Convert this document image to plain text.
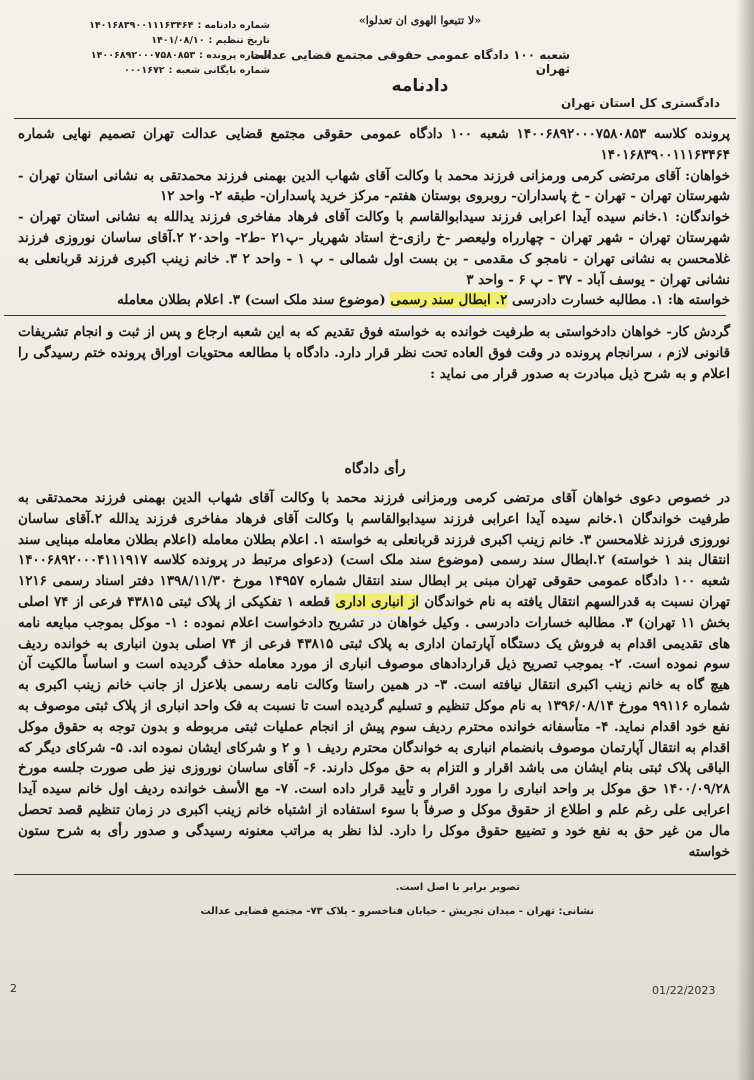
«لا تتبعوا الهوی ان تعدلوا»
شماره دادنامه :۱۴۰۱۶۸۳۹۰۰۱۱۱۶۳۴۶۴
تاریخ تنظیم :۱۴۰۱/۰۸/۱۰
شماره پرونده :۱۴۰۰۶۸۹۲۰۰۰۷۵۸۰۸۵۳
شماره بایگانی شعبه :۰۰۰۱۶۷۲
شعبه ۱۰۰ دادگاه عمومی حقوقی مجتمع قضایی عدالت تهران
دادنامه
دادگستری کل استان تهران

پرونده کلاسه ۱۴۰۰۶۸۹۲۰۰۰۷۵۸۰۸۵۳ شعبه ۱۰۰ دادگاه عمومی حقوقی مجتمع قضایی عدالت تهران تصمیم نهایی شماره ۱۴۰۱۶۸۳۹۰۰۱۱۱۶۳۴۶۴

خواهان: آقای مرتضی کرمی ورمزانی فرزند محمد با وکالت آقای شهاب الدین بهمنی فرزند محمدتقی به نشانی استان تهران - شهرستان تهران - تهران - خ پاسداران- روبروی بوستان هفتم- مرکز خرید پاسداران- طبقه ۲- واحد ۱۲

خواندگان: ۱.خانم سیده آیدا اعرابی فرزند سیدابوالقاسم با وکالت آقای فرهاد مفاخری فرزند یدالله به نشانی استان تهران - شهرستان تهران - شهر تهران - چهارراه ولیعصر -خ رازی-خ استاد شهریار -پ۲۱ -ط۲- واحد۲۰ ۲.آقای ساسان نوروزی فرزند غلامحسن به نشانی تهران - نامجو ک مقدمی - بن بست اول شمالی - پ ۱ - واحد ۲ ۳. خانم زینب اکبری فرزند قربانعلی به نشانی تهران - یوسف آباد - ۳۷ - پ ۶ - واحد ۳

خواسته ها: ۱. مطالبه خسارت دادرسی ۲. ابطال سند رسمی (موضوع سند ملک است) ۳. اعلام بطلان معامله

گردش کار- خواهان دادخواستی به طرفیت خوانده به خواسته فوق تقدیم که به این شعبه ارجاع و پس از ثبت و انجام تشریفات قانونی لازم ، سرانجام پرونده در وقت فوق العاده تحت نظر قرار دارد. دادگاه با مطالعه محتویات اوراق پرونده ختم رسیدگی را اعلام و به شرح ذیل مبادرت به صدور قرار می نماید :

رأی دادگاه

در خصوص دعوی خواهان آقای مرتضی کرمی ورمزانی فرزند محمد با وکالت آقای شهاب الدین بهمنی فرزند محمدتقی به طرفیت خواندگان ۱.خانم سیده آیدا اعرابی فرزند سیدابوالقاسم با وکالت آقای فرهاد مفاخری فرزند یدالله ۲.آقای ساسان نوروزی فرزند غلامحسن ۳. خانم زینب اکبری فرزند قربانعلی به خواسته ۱. اعلام بطلان معامله (اعلام بطلان معامله مبنایی سند انتقال بند ۱ خواسته) ۲.ابطال سند رسمی (موضوع سند ملک است) (دعوای مرتبط در پرونده کلاسه ۱۴۰۰۶۸۹۲۰۰۰۴۱۱۱۹۱۷ شعبه ۱۰۰ دادگاه عمومی حقوقی تهران مبنی بر ابطال سند انتقال شماره ۱۴۹۵۷ مورخ ۱۳۹۸/۱۱/۳۰ دفتر اسناد رسمی ۱۲۱۶ تهران نسبت به قدرالسهم انتقال یافته به نام خواندگان از انباری اداری قطعه ۱ تفکیکی از پلاک ثبتی ۴۳۸۱۵ فرعی از ۷۴ اصلی بخش ۱۱ تهران) ۳. مطالبه خسارات دادرسی . وکیل خواهان در تشریح دادخواست اعلام نموده : ۱- موکل بموجب مبایعه نامه های تقدیمی اقدام به فروش یک دستگاه آپارتمان اداری به پلاک ثبتی ۴۳۸۱۵ فرعی از ۷۴ اصلی بدون انباری به خوانده ردیف سوم نموده است. ۲- بموجب تصریح ذیل قراردادهای موصوف انباری از مورد معامله حذف گردیده است و اساساً مالکیت آن هیچ گاه به خانم زینب اکبری انتقال نیافته است. ۳- در همین راستا وکالت نامه رسمی بلاعزل از جانب خانم زینب اکبری به شماره ۹۹۱۱۶ مورخ ۱۳۹۶/۰۸/۱۴ به نام موکل تنظیم و تسلیم گردیده است تا نسبت به فک واحد انباری از پلاک ثبتی موصوف به نفع خود اقدام نماید. ۴- متأسفانه خوانده محترم ردیف سوم پیش از انجام عملیات ثبتی مربوطه و بدون توجه به حقوق موکل اقدام به انتقال آپارتمان موصوف بانضمام انباری به خواندگان محترم ردیف ۱ و ۲ و شرکای ایشان نموده اند. ۵- شرکای دیگر که الباقی پلاک ثبتی بنام ایشان می باشد اقرار و التزام به حق موکل دارند. ۶- آقای ساسان نوروزی نیز طی صورت جلسه مورخ ۱۴۰۰/۰۹/۲۸ حق موکل بر واحد انباری را مورد اقرار و تأیید قرار داده است. ۷- مع الأسف خوانده ردیف اول خانم سیده آیدا اعرابی علی رغم علم و اطلاع از حقوق موکل و صرفاً با سوء استفاده از اشتباه خانم زینب اکبری در زمان تنظیم قصد تحصل مال من غیر حق به نفع خود و تضییع حقوق موکل را دارد. لذا نظر به مراتب معنونه رسیدگی و صدور رأی به شرح ستون خواسته

تصویر برابر با اصل است.
نشانی: تهران - میدان تجریش - خیابان فناخسرو - پلاک ۷۳- مجتمع قضایی عدالت
2	01/22/2023
